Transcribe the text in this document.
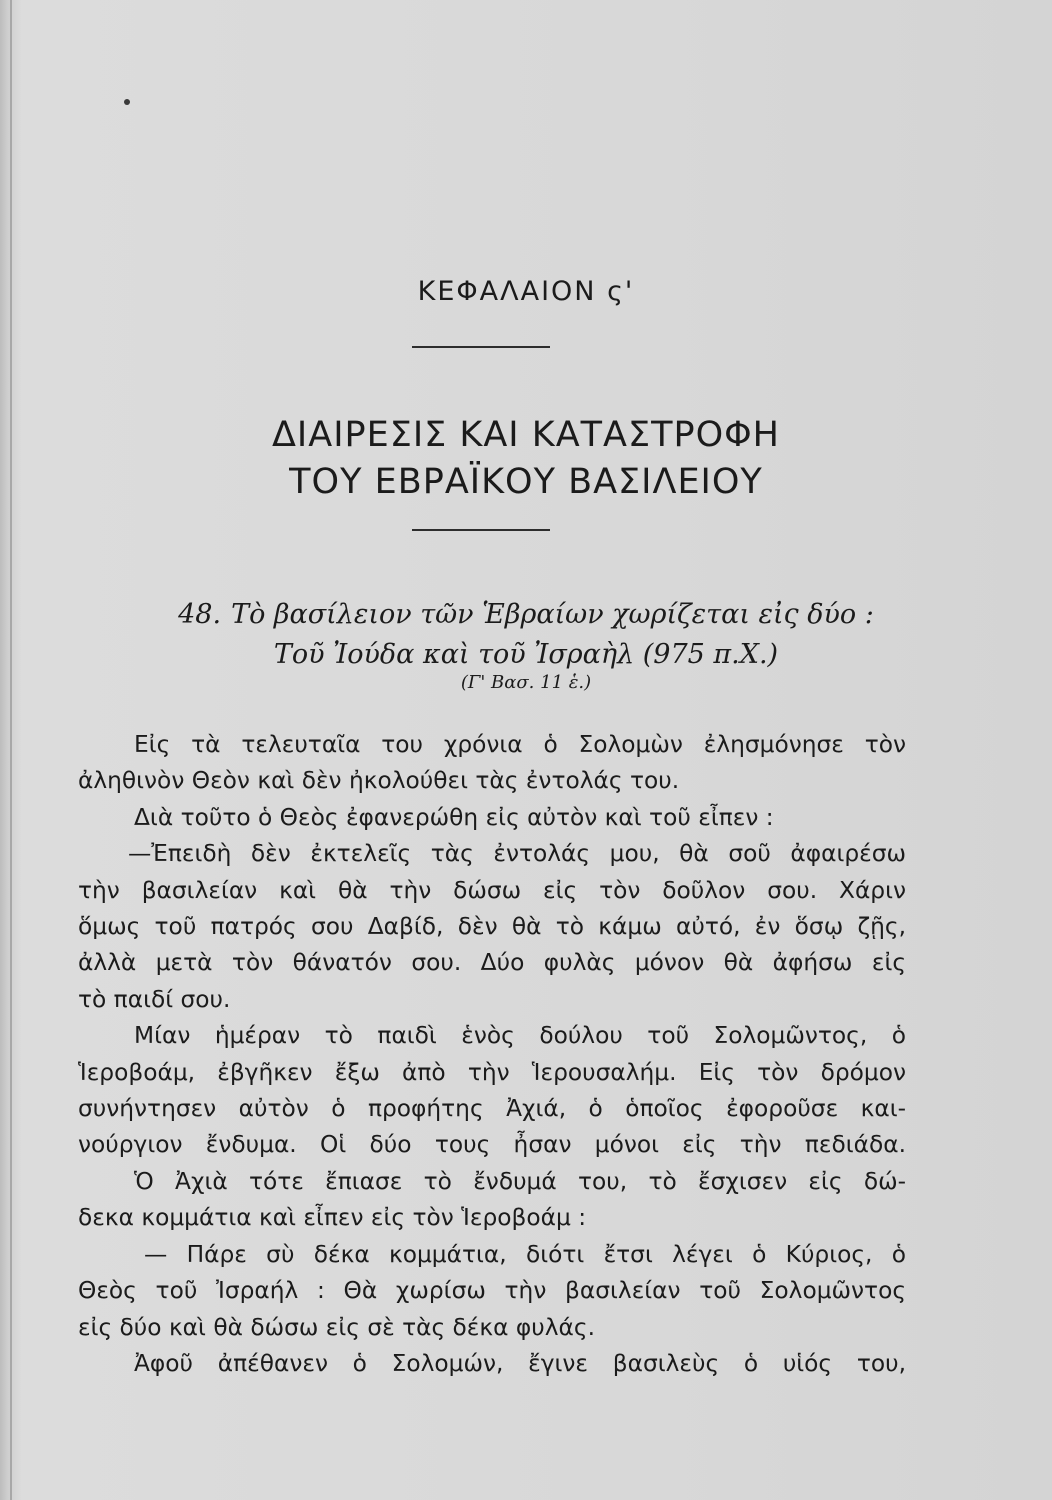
ΚΕΦΑΛΑΙΟΝ ς'
ΔΙΑΙΡΕΣΙΣ ΚΑΙ ΚΑΤΑΣΤΡΟΦΗ
ΤΟΥ ΕΒΡΑΪΚΟΥ ΒΑΣΙΛΕΙΟΥ
48. Τὸ βασίλειον τῶν Ἑβραίων χωρίζεται εἰς δύο :
Τοῦ Ἰούδα καὶ τοῦ Ἰσραὴλ (975 π.Χ.)
(Γ' Βασ. 11 ἑ.)
Εἰς τὰ τελευταῖα του χρόνια ὁ Σολομὼν ἐλησμόνησε τὸν
ἀληθινὸν Θεὸν καὶ δὲν ἠκολούθει τὰς ἐντολάς του.
Διὰ τοῦτο ὁ Θεὸς ἐφανερώθη εἰς αὐτὸν καὶ τοῦ εἶπεν :
—Ἐπειδὴ δὲν ἐκτελεῖς τὰς ἐντολάς μου, θὰ σοῦ ἀφαιρέσω
τὴν βασιλείαν καὶ θὰ τὴν δώσω εἰς τὸν δοῦλον σου. Χάριν
ὅμως τοῦ πατρός σου Δαβίδ, δὲν θὰ τὸ κάμω αὐτό, ἐν ὅσῳ ζῇς,
ἀλλὰ μετὰ τὸν θάνατόν σου. Δύο φυλὰς μόνον θὰ ἀφήσω εἰς
τὸ παιδί σου.
Μίαν ἡμέραν τὸ παιδὶ ἑνὸς δούλου τοῦ Σολομῶντος, ὁ
Ἱεροβοάμ, ἐβγῆκεν ἔξω ἀπὸ τὴν Ἱερουσαλήμ. Εἰς τὸν δρόμον
συνήντησεν αὐτὸν ὁ προφήτης Ἀχιά, ὁ ὁποῖος ἐφοροῦσε και-
νούργιον ἔνδυμα. Οἱ δύο τους ἦσαν μόνοι εἰς τὴν πεδιάδα.
Ὁ Ἀχιὰ τότε ἔπιασε τὸ ἔνδυμά του, τὸ ἔσχισεν εἰς δώ-
δεκα κομμάτια καὶ εἶπεν εἰς τὸν Ἱεροβοάμ :
— Πάρε σὺ δέκα κομμάτια, διότι ἔτσι λέγει ὁ Κύριος, ὁ
Θεὸς τοῦ Ἰσραήλ : Θὰ χωρίσω τὴν βασιλείαν τοῦ Σολομῶντος
εἰς δύο καὶ θὰ δώσω εἰς σὲ τὰς δέκα φυλάς.
Ἀφοῦ ἀπέθανεν ὁ Σολομών, ἔγινε βασιλεὺς ὁ υἱός του,
